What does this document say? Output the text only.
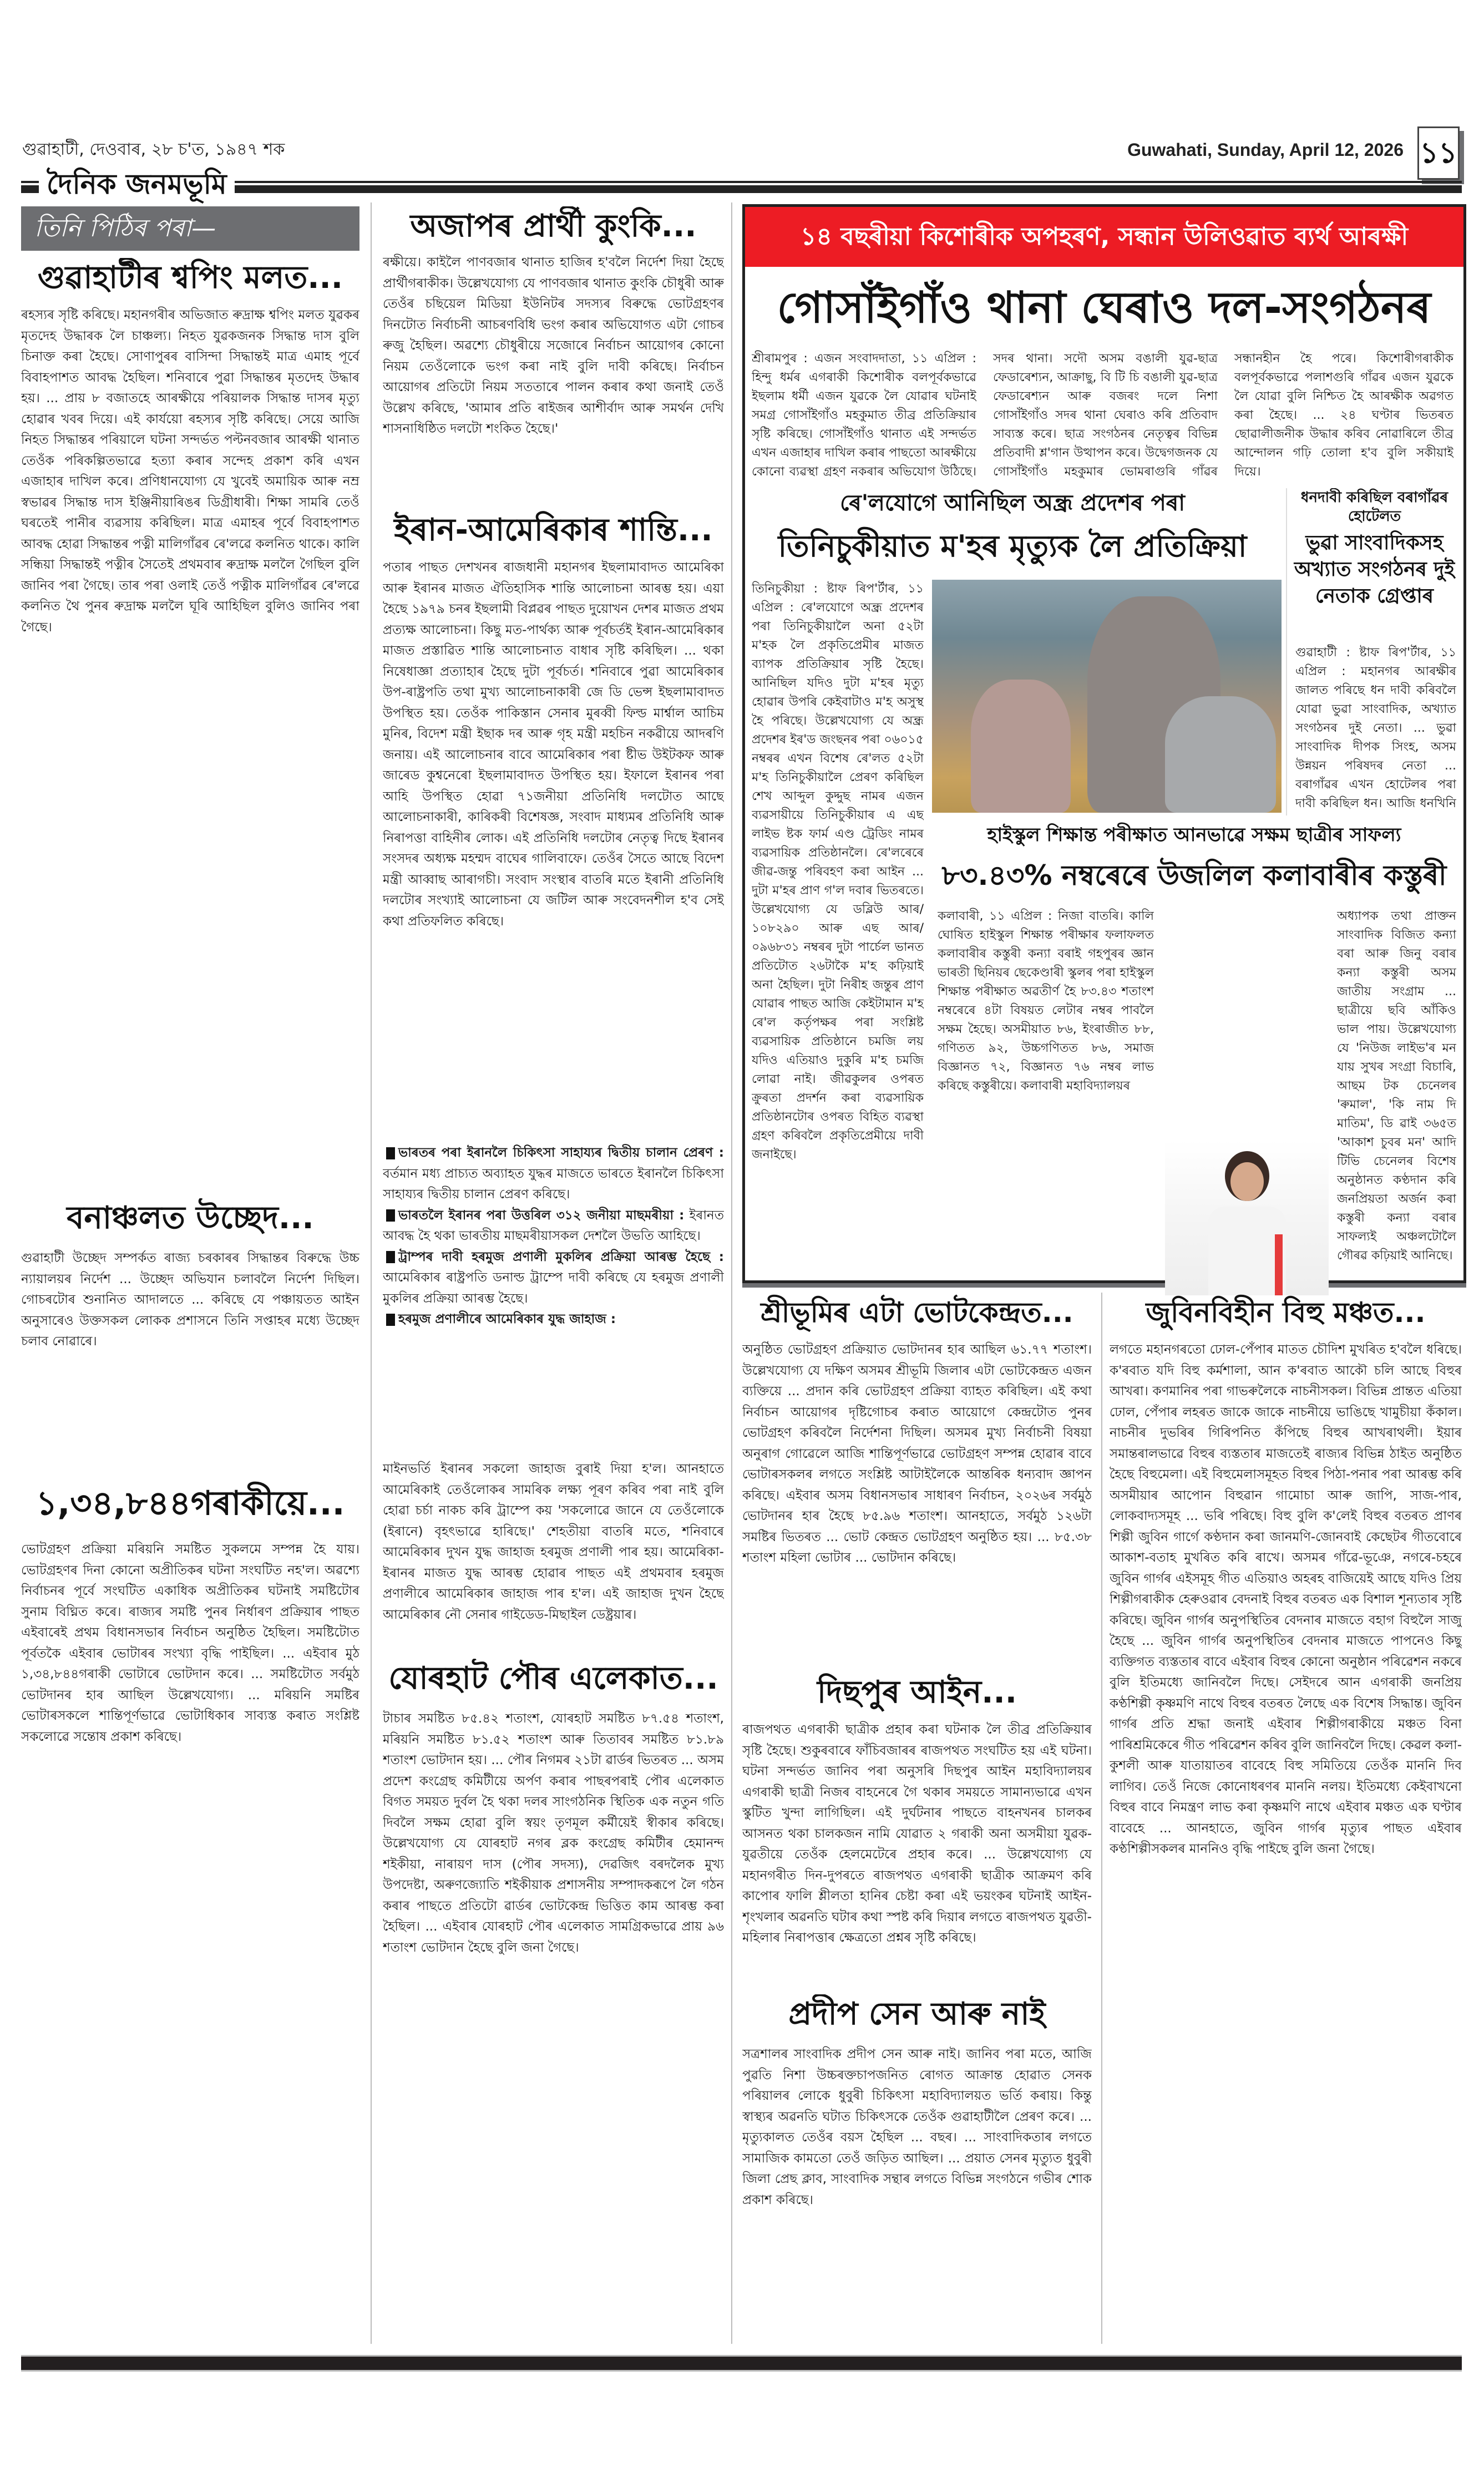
গুৱাহাটী, দেওবাৰ, ২৮ চ'ত, ১৯৪৭ শক	Guwahati, Sunday, April 12, 2026 ১১
দৈনিক জনমভূমি
তিনি পিঠিৰ পৰা—
গুৱাহাটীৰ শ্বপিং মলত...
ৰহস্যৰ সৃষ্টি কৰিছে। মহানগৰীৰ অভিজাত ৰুদ্ৰাক্ষ শ্বপিং মলত যুৱকৰ মৃতদেহ উদ্ধাৰক লৈ চাঞ্চল্য। নিহত যুৱকজনক সিদ্ধান্ত দাস বুলি চিনাক্ত কৰা হৈছে। সোণাপুৰৰ বাসিন্দা সিদ্ধান্তই মাত্ৰ এমাহ পূৰ্বে বিবাহপাশত আবদ্ধ হৈছিল। শনিবাৰে পুৱা সিদ্ধান্তৰ মৃতদেহ উদ্ধাৰ হয়। ... প্ৰায় ৮ বজাতহে আৰক্ষীয়ে পৰিয়ালক সিদ্ধান্ত দাসৰ মৃত্যু হোৱাৰ খবৰ দিয়ে। এই কাৰ্যয়ো ৰহস্যৰ সৃষ্টি কৰিছে। সেয়ে আজি নিহত সিদ্ধান্তৰ পৰিয়ালে ঘটনা সন্দৰ্ভত পল্টনবজাৰ আৰক্ষী থানাত তেওঁক পৰিকল্পিতভাৱে হত্যা কৰাৰ সন্দেহ প্ৰকাশ কৰি এখন এজাহাৰ দাখিল কৰে। প্ৰণিধানযোগ্য যে খুবেই অমায়িক আৰু নম্ৰ স্বভাৱৰ সিদ্ধান্ত দাস ইঞ্জিনীয়াৰিঙৰ ডিগ্ৰীধাৰী। শিক্ষা সামৰি তেওঁ ঘৰতেই পানীৰ ব্যৱসায় কৰিছিল। মাত্ৰ এমাহৰ পূৰ্বে বিবাহপাশত আবদ্ধ হোৱা সিদ্ধান্তৰ পত্নী মালিগাঁৱৰ ৰে'লৱে কলনিত থাকে। কালি সন্ধিয়া সিদ্ধান্তই পত্নীৰ সৈতেই প্ৰথমবাৰ ৰুদ্ৰাক্ষ মললৈ গৈছিল বুলি জানিব পৰা গৈছে। তাৰ পৰা ওলাই তেওঁ পত্নীক মালিগাঁৱৰ ৰে'লৱে কলনিত থৈ পুনৰ ৰুদ্ৰাক্ষ মললৈ ঘূৰি আহিছিল বুলিও জানিব পৰা গৈছে।
বনাঞ্চলত উচ্ছেদ...
গুৱাহাটী উচ্ছেদ সম্পৰ্কত ৰাজ্য চৰকাৰৰ সিদ্ধান্তৰ বিৰুদ্ধে উচ্চ ন্যায়ালয়ৰ নিৰ্দেশ ... উচ্ছেদ অভিযান চলাবলৈ নিৰ্দেশ দিছিল। গোচৰটোৰ শুনানিত আদালতে ... কৰিছে যে পঞ্চায়তত আইন অনুসাৰেও উক্তসকল লোকক প্ৰশাসনে তিনি সপ্তাহৰ মধ্যে উচ্ছেদ চলাব নোৱাৰে।
১,৩৪,৮৪৪গৰাকীয়ে...
ভোটগ্ৰহণ প্ৰক্ৰিয়া মৰিয়নি সমষ্টিত সুকলমে সম্পন্ন হৈ যায়। ভোটগ্ৰহণৰ দিনা কোনো অপ্ৰীতিকৰ ঘটনা সংঘটিত নহ'ল। অৱশ্যে নিৰ্বাচনৰ পূৰ্বে সংঘটিত একাধিক অপ্ৰীতিকৰ ঘটনাই সমষ্টিটোৰ সুনাম বিঘ্নিত কৰে। ৰাজ্যৰ সমষ্টি পুনৰ নিৰ্ধাৰণ প্ৰক্ৰিয়াৰ পাছত এইবাৰেই প্ৰথম বিধানসভাৰ নিৰ্বাচন অনুষ্ঠিত হৈছিল। সমষ্টিটোত পূৰ্বতকৈ এইবাৰ ভোটাৰৰ সংখ্যা বৃদ্ধি পাইছিল। ... এইবাৰ মুঠ ১,৩৪,৮৪৪গৰাকী ভোটাৰে ভোটদান কৰে। ... সমষ্টিটোত সৰ্বমুঠ ভোটদানৰ হাৰ আছিল উল্লেখযোগ্য। ... মৰিয়নি সমষ্টিৰ ভোটাৰসকলে শান্তিপূৰ্ণভাৱে ভোটাধিকাৰ সাব্যস্ত কৰাত সংশ্লিষ্ট সকলোৱে সন্তোষ প্ৰকাশ কৰিছে।
অজাপৰ প্ৰাৰ্থী কুংকি...
ৰক্ষীয়ে। কাইলৈ পাণবজাৰ থানাত হাজিৰ হ'বলৈ নিৰ্দেশ দিয়া হৈছে প্ৰাৰ্থীগৰাকীক। উল্লেখযোগ্য যে পাণবজাৰ থানাত কুংকি চৌধুৰী আৰু তেওঁৰ চছিয়েল মিডিয়া ইউনিটৰ সদস্যৰ বিৰুদ্ধে ভোটগ্ৰহণৰ দিনটোত নিৰ্বাচনী আচৰণবিধি ভংগ কৰাৰ অভিযোগত এটা গোচৰ ৰুজু হৈছিল। অৱশ্যে চৌধুৰীয়ে সজোৰে নিৰ্বাচন আয়োগৰ কোনো নিয়ম তেওঁলোকে ভংগ কৰা নাই বুলি দাবী কৰিছে। নিৰ্বাচন আয়োগৰ প্ৰতিটো নিয়ম সততাৰে পালন কৰাৰ কথা জনাই তেওঁ উল্লেখ কৰিছে, 'আমাৰ প্ৰতি ৰাইজৰ আশীৰ্বাদ আৰু সমৰ্থন দেখি শাসনাধিষ্ঠিত দলটো শংকিত হৈছে।'
ইৰান-আমেৰিকাৰ শান্তি...
পতাৰ পাছত দেশখনৰ ৰাজধানী মহানগৰ ইছলামাবাদত আমেৰিকা আৰু ইৰানৰ মাজত ঐতিহাসিক শান্তি আলোচনা আৰম্ভ হয়। এয়া হৈছে ১৯৭৯ চনৰ ইছলামী বিপ্লৱৰ পাছত দুয়োখন দেশৰ মাজত প্ৰথম প্ৰত্যক্ষ আলোচনা। কিছু মত-পাৰ্থক্য আৰু পূৰ্বচৰ্তই ইৰান-আমেৰিকাৰ মাজত প্ৰস্তাৱিত শান্তি আলোচনাত বাধাৰ সৃষ্টি কৰিছিল। ... থকা নিষেধাজ্ঞা প্ৰত্যাহাৰ হৈছে দুটা পূৰ্বচৰ্ত। শনিবাৰে পুৱা আমেৰিকাৰ উপ-ৰাষ্ট্ৰপতি তথা মুখ্য আলোচনাকাৰী জে ডি ভেন্স ইছলামাবাদত উপস্থিত হয়। তেওঁক পাকিস্তান সেনাৰ মুৰব্বী ফিল্ড মাৰ্শ্বাল আচিম মুনিৰ, বিদেশ মন্ত্ৰী ইছাক দৰ আৰু গৃহ মন্ত্ৰী মহচিন নকৱীয়ে আদৰণি জনায়। এই আলোচনাৰ বাবে আমেৰিকাৰ পৰা ষ্টীভ উইটকফ আৰু জাৰেড কুশ্বনেৰো ইছলামাবাদত উপস্থিত হয়। ইফালে ইৰানৰ পৰা আহি উপস্থিত হোৱা ৭১জনীয়া প্ৰতিনিধি দলটোত আছে আলোচনাকাৰী, কাৰিকৰী বিশেষজ্ঞ, সংবাদ মাধ্যমৰ প্ৰতিনিধি আৰু নিৰাপত্তা বাহিনীৰ লোক। এই প্ৰতিনিধি দলটোৰ নেতৃত্ব দিছে ইৰানৰ সংসদৰ অধ্যক্ষ মহম্মদ বাঘেৰ গালিবাফে। তেওঁৰ সৈতে আছে বিদেশ মন্ত্ৰী আব্বাছ আৰাগচী। সংবাদ সংস্থাৰ বাতৰি মতে ইৰানী প্ৰতিনিধি দলটোৰ সংখ্যাই আলোচনা যে জটিল আৰু সংবেদনশীল হ'ব সেই কথা প্ৰতিফলিত কৰিছে।
ভাৰতৰ পৰা ইৰানলৈ চিকিৎসা সাহায্যৰ দ্বিতীয় চালান প্ৰেৰণ : বৰ্তমান মধ্য প্ৰাচ্যত অব্যাহত যুদ্ধৰ মাজতে ভাৰতে ইৰানলৈ চিকিৎসা সাহায্যৰ দ্বিতীয় চালান প্ৰেৰণ কৰিছে।
ভাৰতলৈ ইৰানৰ পৰা উত্তৰিল ৩১২ জনীয়া মাছমৰীয়া : ইৰানত আবদ্ধ হৈ থকা ভাৰতীয় মাছমৰীয়াসকল দেশলৈ উভতি আহিছে।
ট্ৰাম্পৰ দাবী হৰমুজ প্ৰণালী মুকলিৰ প্ৰক্ৰিয়া আৰম্ভ হৈছে : আমেৰিকাৰ ৰাষ্ট্ৰপতি ডনাল্ড ট্ৰাম্পে দাবী কৰিছে যে হৰমুজ প্ৰণালী মুকলিৰ প্ৰক্ৰিয়া আৰম্ভ হৈছে।
হৰমুজ প্ৰণালীৰে আমেৰিকাৰ যুদ্ধ জাহাজ :
মাইনভৰ্তি ইৰানৰ সকলো জাহাজ বুৰাই দিয়া হ'ল। আনহাতে আমেৰিকাই তেওঁলোকৰ সামৰিক লক্ষ্য পূৰণ কৰিব পৰা নাই বুলি হোৱা চৰ্চা নাকচ কৰি ট্ৰাম্পে কয় 'সকলোৱে জানে যে তেওঁলোকে (ইৰানে) বৃহৎভাৱে হাৰিছে।' শেহতীয়া বাতৰি মতে, শনিবাৰে আমেৰিকাৰ দুখন যুদ্ধ জাহাজ হৰমুজ প্ৰণালী পাৰ হয়। আমেৰিকা-ইৰানৰ মাজত যুদ্ধ আৰম্ভ হোৱাৰ পাছত এই প্ৰথমবাৰ হৰমুজ প্ৰণালীৰে আমেৰিকাৰ জাহাজ পাৰ হ'ল। এই জাহাজ দুখন হৈছে আমেৰিকাৰ নৌ সেনাৰ গাইডেড-মিছাইল ডেষ্ট্ৰয়াৰ।
যোৰহাট পৌৰ এলেকাত...
টাচাৰ সমষ্টিত ৮৫.৪২ শতাংশ, যোৰহাট সমষ্টিত ৮৭.৫৪ শতাংশ, মৰিয়নি সমষ্টিত ৮১.৫২ শতাংশ আৰু তিতাবৰ সমষ্টিত ৮১.৮৯ শতাংশ ভোটদান হয়। ... পৌৰ নিগমৰ ২১টা ৱাৰ্ডৰ ভিতৰত ... অসম প্ৰদেশ কংগ্ৰেছ কমিটীয়ে অৰ্পণ কৰাৰ পাছৰপৰাই পৌৰ এলেকাত বিগত সময়ত দুৰ্বল হৈ থকা দলৰ সাংগঠনিক স্থিতিক এক নতুন গতি দিবলৈ সক্ষম হোৱা বুলি স্বয়ং তৃণমূল কৰ্মীয়েই স্বীকাৰ কৰিছে। উল্লেখযোগ্য যে যোৰহাট নগৰ ব্লক কংগ্ৰেছ কমিটীৰ হেমানন্দ শইকীয়া, নাৰায়ণ দাস (পৌৰ সদস্য), দেৱজিৎ বৰদলৈক মুখ্য উপদেষ্টা, অৰুণজ্যোতি শইকীয়াক প্ৰশাসনীয় সম্পাদকৰূপে লৈ গঠন কৰাৰ পাছতে প্ৰতিটো ৱাৰ্ডৰ ভোটকেন্দ্ৰ ভিত্তিত কাম আৰম্ভ কৰা হৈছিল। ... এইবাৰ যোৰহাট পৌৰ এলেকাত সামগ্ৰিকভাৱে প্ৰায় ৯৬ শতাংশ ভোটদান হৈছে বুলি জনা গৈছে।
১৪ বছৰীয়া কিশোৰীক অপহৰণ, সন্ধান উলিওৱাত ব্যৰ্থ আৰক্ষী
গোসাঁইগাঁও থানা ঘেৰাও দল-সংগঠনৰ
শ্ৰীৰামপুৰ : এজন সংবাদদাতা, ১১ এপ্ৰিল : হিন্দু ধৰ্মৰ এগৰাকী কিশোৰীক বলপূৰ্বকভাৱে ইছলাম ধৰ্মী এজন যুৱকে লৈ যোৱাৰ ঘটনাই সমগ্ৰ গোসাঁইগাঁও মহকুমাত তীব্ৰ প্ৰতিক্ৰিয়াৰ সৃষ্টি কৰিছে। গোসাঁইগাঁও থানাত এই সন্দৰ্ভত এখন এজাহাৰ দাখিল কৰাৰ পাছতো আৰক্ষীয়ে কোনো ব্যৱস্থা গ্ৰহণ নকৰাৰ অভিযোগ উঠিছে।
সদৰ থানা। সদৌ অসম বঙালী যুৱ-ছাত্ৰ ফেডাৰেশ্যন, আক্ৰাছু, বি টি চি বঙালী যুৱ-ছাত্ৰ ফেডাৰেশ্যন আৰু বজৰং দলে নিশা গোসাঁইগাঁও সদৰ থানা ঘেৰাও কৰি প্ৰতিবাদ সাব্যস্ত কৰে। ছাত্ৰ সংগঠনৰ নেতৃত্বৰ বিভিন্ন প্ৰতিবাদী শ্ল'গান উত্থাপন কৰে। উদ্বেগজনক যে গোসাঁইগাঁও মহকুমাৰ ভোমৰাগুৰি গাঁৱৰ
সন্ধানহীন হৈ পৰে। কিশোৰীগৰাকীক বলপূৰ্বকভাৱে পলাশগুৰি গাঁৱৰ এজন যুৱকে লৈ যোৱা বুলি নিশ্চিত হৈ আৰক্ষীক অৱগত কৰা হৈছে। ... ২৪ ঘণ্টাৰ ভিতৰত ছোৱালীজনীক উদ্ধাৰ কৰিব নোৱাৰিলে তীব্ৰ আন্দোলন গঢ়ি তোলা হ'ব বুলি সকীয়াই দিয়ে।
ৰে'লযোগে আনিছিল অন্ধ্ৰ প্ৰদেশৰ পৰা
তিনিচুকীয়াত ম'হৰ মৃত্যুক লৈ প্ৰতিক্ৰিয়া
তিনিচুকীয়া : ষ্টাফ ৰিপ'ৰ্টাৰ, ১১ এপ্ৰিল : ৰে'লযোগে অন্ধ্ৰ প্ৰদেশৰ পৰা তিনিচুকীয়ালৈ অনা ৫২টা ম'হক লৈ প্ৰকৃতিপ্ৰেমীৰ মাজত ব্যাপক প্ৰতিক্ৰিয়াৰ সৃষ্টি হৈছে। আনিছিল যদিও দুটা ম'হৰ মৃত্যু হোৱাৰ উপৰি কেইবাটাও ম'হ অসুস্থ হৈ পৰিছে। উল্লেখযোগ্য যে অন্ধ্ৰ প্ৰদেশৰ ইৰ'ড জংছনৰ পৰা ০৬০১৫ নম্বৰৰ এখন বিশেষ ৰে'লত ৫২টা ম'হ তিনিচুকীয়ালৈ প্ৰেৰণ কৰিছিল শেখ আব্দুল কুদ্দুছ নামৰ এজন ব্যৱসায়ীয়ে তিনিচুকীয়াৰ এ এছ লাইভ ষ্টক ফাৰ্ম এণ্ড ট্ৰেডিং নামৰ ব্যৱসায়িক প্ৰতিষ্ঠানলৈ। ৰে'লৰেৰে জীৱ-জন্তু পৰিবহণ কৰা আইন ... দুটা ম'হৰ প্ৰাণ গ'ল দবাৰ ভিতৰতে। উল্লেখযোগ্য যে ডব্লিউ আৰ/১০৮২৯০ আৰু এছ আৰ/০৯৬৮৩১ নম্বৰৰ দুটা পাৰ্চেল ভানত প্ৰতিটোত ২৬টাকৈ ম'হ কঢ়িয়াই অনা হৈছিল। দুটা নিৰীহ জন্তুৰ প্ৰাণ যোৱাৰ পাছত আজি কেইটামান ম'হ ৰে'ল কৰ্তৃপক্ষৰ পৰা সংশ্লিষ্ট ব্যৱসায়িক প্ৰতিষ্ঠানে চমজি লয় যদিও এতিয়াও দুকুৰি ম'হ চমজি লোৱা নাই। জীৱকুলৰ ওপৰত ক্ৰুৰতা প্ৰদৰ্শন কৰা ব্যৱসায়িক প্ৰতিষ্ঠানটোৰ ওপৰত বিহিত ব্যৱস্থা গ্ৰহণ কৰিবলৈ প্ৰকৃতিপ্ৰেমীয়ে দাবী জনাইছে।
ধনদাবী কৰিছিল বৰাগাঁৱৰ হোটেলত
ভুৱা সাংবাদিকসহ অখ্যাত সংগঠনৰ দুই নেতাক গ্ৰেপ্তাৰ
গুৱাহাটী : ষ্টাফ ৰিপ'ৰ্টাৰ, ১১ এপ্ৰিল : মহানগৰ আৰক্ষীৰ জালত পৰিছে ধন দাবী কৰিবলৈ যোৱা ভুৱা সাংবাদিক, অখ্যাত সংগঠনৰ দুই নেতা। ... ভুৱা সাংবাদিক দীপক সিংহ, অসম উন্নয়ন পৰিষদৰ নেতা ... বৰাগাঁৱৰ এখন হোটেলৰ পৰা দাবী কৰিছিল ধন। আজি ধনখিনি
হাইস্কুল শিক্ষান্ত পৰীক্ষাত আনভাৱে সক্ষম ছাত্ৰীৰ সাফল্য
৮৩.৪৩% নম্বৰেৰে উজলিল কলাবাৰীৰ কস্তুৰী
কলাবাৰী, ১১ এপ্ৰিল : নিজা বাতৰি। কালি ঘোষিত হাইস্কুল শিক্ষান্ত পৰীক্ষাৰ ফলাফলত কলাবাৰীৰ কস্তুৰী কন্যা বৰাই গহপুৰৰ জ্ঞান ভাৰতী ছিনিয়ৰ ছেকেণ্ডাৰী স্কুলৰ পৰা হাইস্কুল শিক্ষান্ত পৰীক্ষাত অৱতীৰ্ণ হৈ ৮৩.৪৩ শতাংশ নম্বৰেৰে ৪টা বিষয়ত লেটাৰ নম্বৰ পাবলৈ সক্ষম হৈছে। অসমীয়াত ৮৬, ইংৰাজীত ৮৮, গণিতত ৯২, উচ্চগণিতত ৮৬, সমাজ বিজ্ঞানত ৭২, বিজ্ঞানত ৭৬ নম্বৰ লাভ কৰিছে কস্তুৰীয়ে। কলাবাৰী মহাবিদ্যালয়ৰ
অধ্যাপক তথা প্ৰাক্তন সাংবাদিক বিজিত কন্যা বৰা আৰু জিনু বৰাৰ কন্যা কস্তুৰী অসম জাতীয় সংগ্ৰাম ... ছাত্ৰীয়ে ছবি আঁকিও ভাল পায়। উল্লেখযোগ্য যে 'নিউজ লাইভ'ৰ মন যায় সুখৰ সংগ্ৰা বিচাৰি, আছম টক চেনেলৰ 'ৰুমাল', 'কি নাম দি মাতিম', ডি ৱাই ৩৬৫ত 'আকাশ চুবৰ মন' আদি টিভি চেনেলৰ বিশেষ অনুষ্ঠানত কণ্ঠদান কৰি জনপ্ৰিয়তা অৰ্জন কৰা কস্তুৰী কন্যা বৰাৰ সাফল্যই অঞ্চলটোলৈ গৌৰৱ কঢ়িয়াই আনিছে।
শ্ৰীভূমিৰ এটা ভোটকেন্দ্ৰত...
অনুষ্ঠিত ভোটগ্ৰহণ প্ৰক্ৰিয়াত ভোটদানৰ হাৰ আছিল ৬১.৭৭ শতাংশ। উল্লেখযোগ্য যে দক্ষিণ অসমৰ শ্ৰীভূমি জিলাৰ এটা ভোটকেন্দ্ৰত এজন ব্যক্তিয়ে ... প্ৰদান কৰি ভোটগ্ৰহণ প্ৰক্ৰিয়া ব্যাহত কৰিছিল। এই কথা নিৰ্বাচন আয়োগৰ দৃষ্টিগোচৰ কৰাত আয়োগে কেন্দ্ৰটোত পুনৰ ভোটগ্ৰহণ কৰিবলৈ নিৰ্দেশনা দিছিল। অসমৰ মুখ্য নিৰ্বাচনী বিষয়া অনুৰাগ গোৱেলে আজি শান্তিপূৰ্ণভাৱে ভোটগ্ৰহণ সম্পন্ন হোৱাৰ বাবে ভোটাৰসকলৰ লগতে সংশ্লিষ্ট আটাইলৈকে আন্তৰিক ধন্যবাদ জ্ঞাপন কৰিছে। এইবাৰ অসম বিধানসভাৰ সাধাৰণ নিৰ্বাচন, ২০২৬ৰ সৰ্বমুঠ ভোটদানৰ হাৰ হৈছে ৮৫.৯৬ শতাংশ। আনহাতে, সৰ্বমুঠ ১২৬টা সমষ্টিৰ ভিতৰত ... ভোট কেন্দ্ৰত ভোটগ্ৰহণ অনুষ্ঠিত হয়। ... ৮৫.৩৮ শতাংশ মহিলা ভোটাৰ ... ভোটদান কৰিছে।
দিছপুৰ আইন...
ৰাজপথত এগৰাকী ছাত্ৰীক প্ৰহাৰ কৰা ঘটনাক লৈ তীব্ৰ প্ৰতিক্ৰিয়াৰ সৃষ্টি হৈছে। শুকুৰবাৰে ফাঁচিবজাৰৰ ৰাজপথত সংঘটিত হয় এই ঘটনা। ঘটনা সন্দৰ্ভত জানিব পৰা অনুসৰি দিছপুৰ আইন মহাবিদ্যালয়ৰ এগৰাকী ছাত্ৰী নিজৰ বাহনেৰে গৈ থকাৰ সময়তে সামান্যভাৱে এখন স্কুটিত খুন্দা লাগিছিল। এই দুৰ্ঘটনাৰ পাছতে বাহনখনৰ চালকৰ আসনত থকা চালকজন নামি যোৱাত ২ গৰাকী অনা অসমীয়া যুৱক-যুৱতীয়ে তেওঁক হেলমেটেৰে প্ৰহাৰ কৰে। ... উল্লেখযোগ্য যে মহানগৰীত দিন-দুপৰতে ৰাজপথত এগৰাকী ছাত্ৰীক আক্ৰমণ কৰি কাপোৰ ফালি শ্লীলতা হানিৰ চেষ্টা কৰা এই ভয়ংকৰ ঘটনাই আইন-শৃংখলাৰ অৱনতি ঘটাৰ কথা স্পষ্ট কৰি দিয়াৰ লগতে ৰাজপথত যুৱতী-মহিলাৰ নিৰাপত্তাৰ ক্ষেত্ৰতো প্ৰশ্নৰ সৃষ্টি কৰিছে।
প্ৰদীপ সেন আৰু নাই
সত্ৰশালৰ সাংবাদিক প্ৰদীপ সেন আৰু নাই। জানিব পৰা মতে, আজি পুৱতি নিশা উচ্চৰক্তচাপজনিত ৰোগত আক্ৰান্ত হোৱাত সেনক পৰিয়ালৰ লোকে ধুবুৰী চিকিৎসা মহাবিদ্যালয়ত ভৰ্তি কৰায়। কিন্তু স্বাস্থ্যৰ অৱনতি ঘটাত চিকিৎসকে তেওঁক গুৱাহাটীলৈ প্ৰেৰণ কৰে। ... মৃত্যুকালত তেওঁৰ বয়স হৈছিল ... বছৰ। ... সাংবাদিকতাৰ লগতে সামাজিক কামতো তেওঁ জড়িত আছিল। ... প্ৰয়াত সেনৰ মৃত্যুত ধুবুৰী জিলা প্ৰেছ ক্লাব, সাংবাদিক সন্থাৰ লগতে বিভিন্ন সংগঠনে গভীৰ শোক প্ৰকাশ কৰিছে।
জুবিনবিহীন বিহু মঞ্চত...
লগতে মহানগৰতো ঢোল-পেঁপাৰ মাতত চৌদিশ মুখৰিত হ'বলৈ ধৰিছে। ক'ৰবাত যদি বিহু কৰ্মশালা, আন ক'ৰবাত আকৌ চলি আছে বিহুৰ আখৰা। কণমানিৰ পৰা গাভৰুলৈকে নাচনীসকল। বিভিন্ন প্ৰান্তত এতিয়া ঢোল, পেঁপাৰ লহৰত জাকে জাকে নাচনীয়ে ভাঙিছে খামুচীয়া কঁকাল। নাচনীৰ দুভৰিৰ গিৰিপনিত কঁপিছে বিহুৰ আখৰাথলী। ইয়াৰ সমান্তৰালভাৱে বিহুৰ ব্যস্ততাৰ মাজতেই ৰাজ্যৰ বিভিন্ন ঠাইত অনুষ্ঠিত হৈছে বিহুমেলা। এই বিহুমেলাসমূহত বিহুৰ পিঠা-পনাৰ পৰা আৰম্ভ কৰি অসমীয়াৰ আপোন বিহুৱান গামোচা আৰু জাপি, সাজ-পাৰ, লোকবাদ্যসমূহ ... ভৰি পৰিছে। বিহু বুলি ক'লেই বিহুৰ বতৰত প্ৰাণৰ শিল্পী জুবিন গাৰ্গে কণ্ঠদান কৰা জানমণি-জোনবাই কেছেটৰ গীতবোৰে আকাশ-বতাহ মুখৰিত কৰি ৰাখে। অসমৰ গাঁৱে-ভূঞে, নগৰে-চহৰে জুবিন গাৰ্গৰ এইসমূহ গীত এতিয়াও অহৰহ বাজিয়েই আছে যদিও প্ৰিয় শিল্পীগৰাকীক হেৰুওৱাৰ বেদনাই বিহুৰ বতৰত এক বিশাল শূন্যতাৰ সৃষ্টি কৰিছে। জুবিন গাৰ্গৰ অনুপস্থিতিৰ বেদনাৰ মাজতে বহাগ বিহুলৈ সাজু হৈছে ... জুবিন গাৰ্গৰ অনুপস্থিতিৰ বেদনাৰ মাজতে পাপনেও কিছু ব্যক্তিগত ব্যস্ততাৰ বাবে এইবাৰ বিহুৰ কোনো অনুষ্ঠান পৰিৱেশন নকৰে বুলি ইতিমধ্যে জানিবলৈ দিছে। সেইদৰে আন এগৰাকী জনপ্ৰিয় কণ্ঠশিল্পী কৃষ্ণমণি নাথে বিহুৰ বতৰত লৈছে এক বিশেষ সিদ্ধান্ত। জুবিন গাৰ্গৰ প্ৰতি শ্ৰদ্ধা জনাই এইবাৰ শিল্পীগৰাকীয়ে মঞ্চত বিনা পাৰিশ্ৰমিকেৰে গীত পৰিৱেশন কৰিব বুলি জানিবলৈ দিছে। কেৱল কলা-কুশলী আৰু যাতায়াতৰ বাবেহে বিহু সমিতিয়ে তেওঁক মাননি দিব লাগিব। তেওঁ নিজে কোনোধৰণৰ মাননি নলয়। ইতিমধ্যে কেইবাখনো বিহুৰ বাবে নিমন্ত্ৰণ লাভ কৰা কৃষ্ণমণি নাথে এইবাৰ মঞ্চত এক ঘণ্টাৰ বাবেহে ... আনহাতে, জুবিন গাৰ্গৰ মৃত্যুৰ পাছত এইবাৰ কণ্ঠশিল্পীসকলৰ মাননিও বৃদ্ধি পাইছে বুলি জনা গৈছে।
